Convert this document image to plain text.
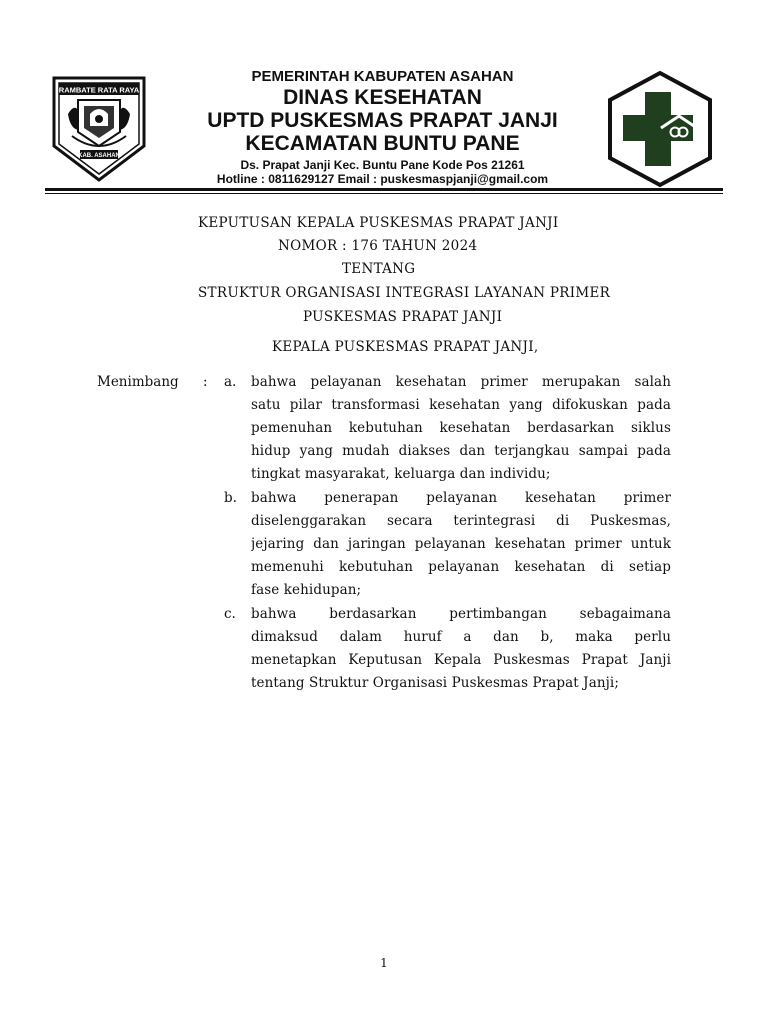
RAMBATE RATA RAYA
KAB. ASAHAN
PEMERINTAH KABUPATEN ASAHAN
DINAS KESEHATAN
UPTD PUSKESMAS PRAPAT JANJI
KECAMATAN BUNTU PANE
Ds. Prapat Janji Kec. Buntu Pane Kode Pos 21261
Hotline : 0811629127 Email : puskesmaspjanji@gmail.com
KEPUTUSAN KEPALA PUSKESMAS PRAPAT JANJI
NOMOR : 176 TAHUN 2024
TENTANG
STRUKTUR ORGANISASI INTEGRASI LAYANAN PRIMER
PUSKESMAS PRAPAT JANJI
KEPALA PUSKESMAS PRAPAT JANJI,
Menimbang : a. bahwa pelayanan kesehatan primer merupakan salah
satu pilar transformasi kesehatan yang difokuskan pada
pemenuhan kebutuhan kesehatan berdasarkan siklus
hidup yang mudah diakses dan terjangkau sampai pada
tingkat masyarakat, keluarga dan individu;
b. bahwa penerapan pelayanan kesehatan primer
diselenggarakan secara terintegrasi di Puskesmas,
jejaring dan jaringan pelayanan kesehatan primer untuk
memenuhi kebutuhan pelayanan kesehatan di setiap
fase kehidupan;
c. bahwa berdasarkan pertimbangan sebagaimana
dimaksud dalam huruf a dan b, maka perlu
menetapkan Keputusan Kepala Puskesmas Prapat Janji
tentang Struktur Organisasi Puskesmas Prapat Janji;
1
